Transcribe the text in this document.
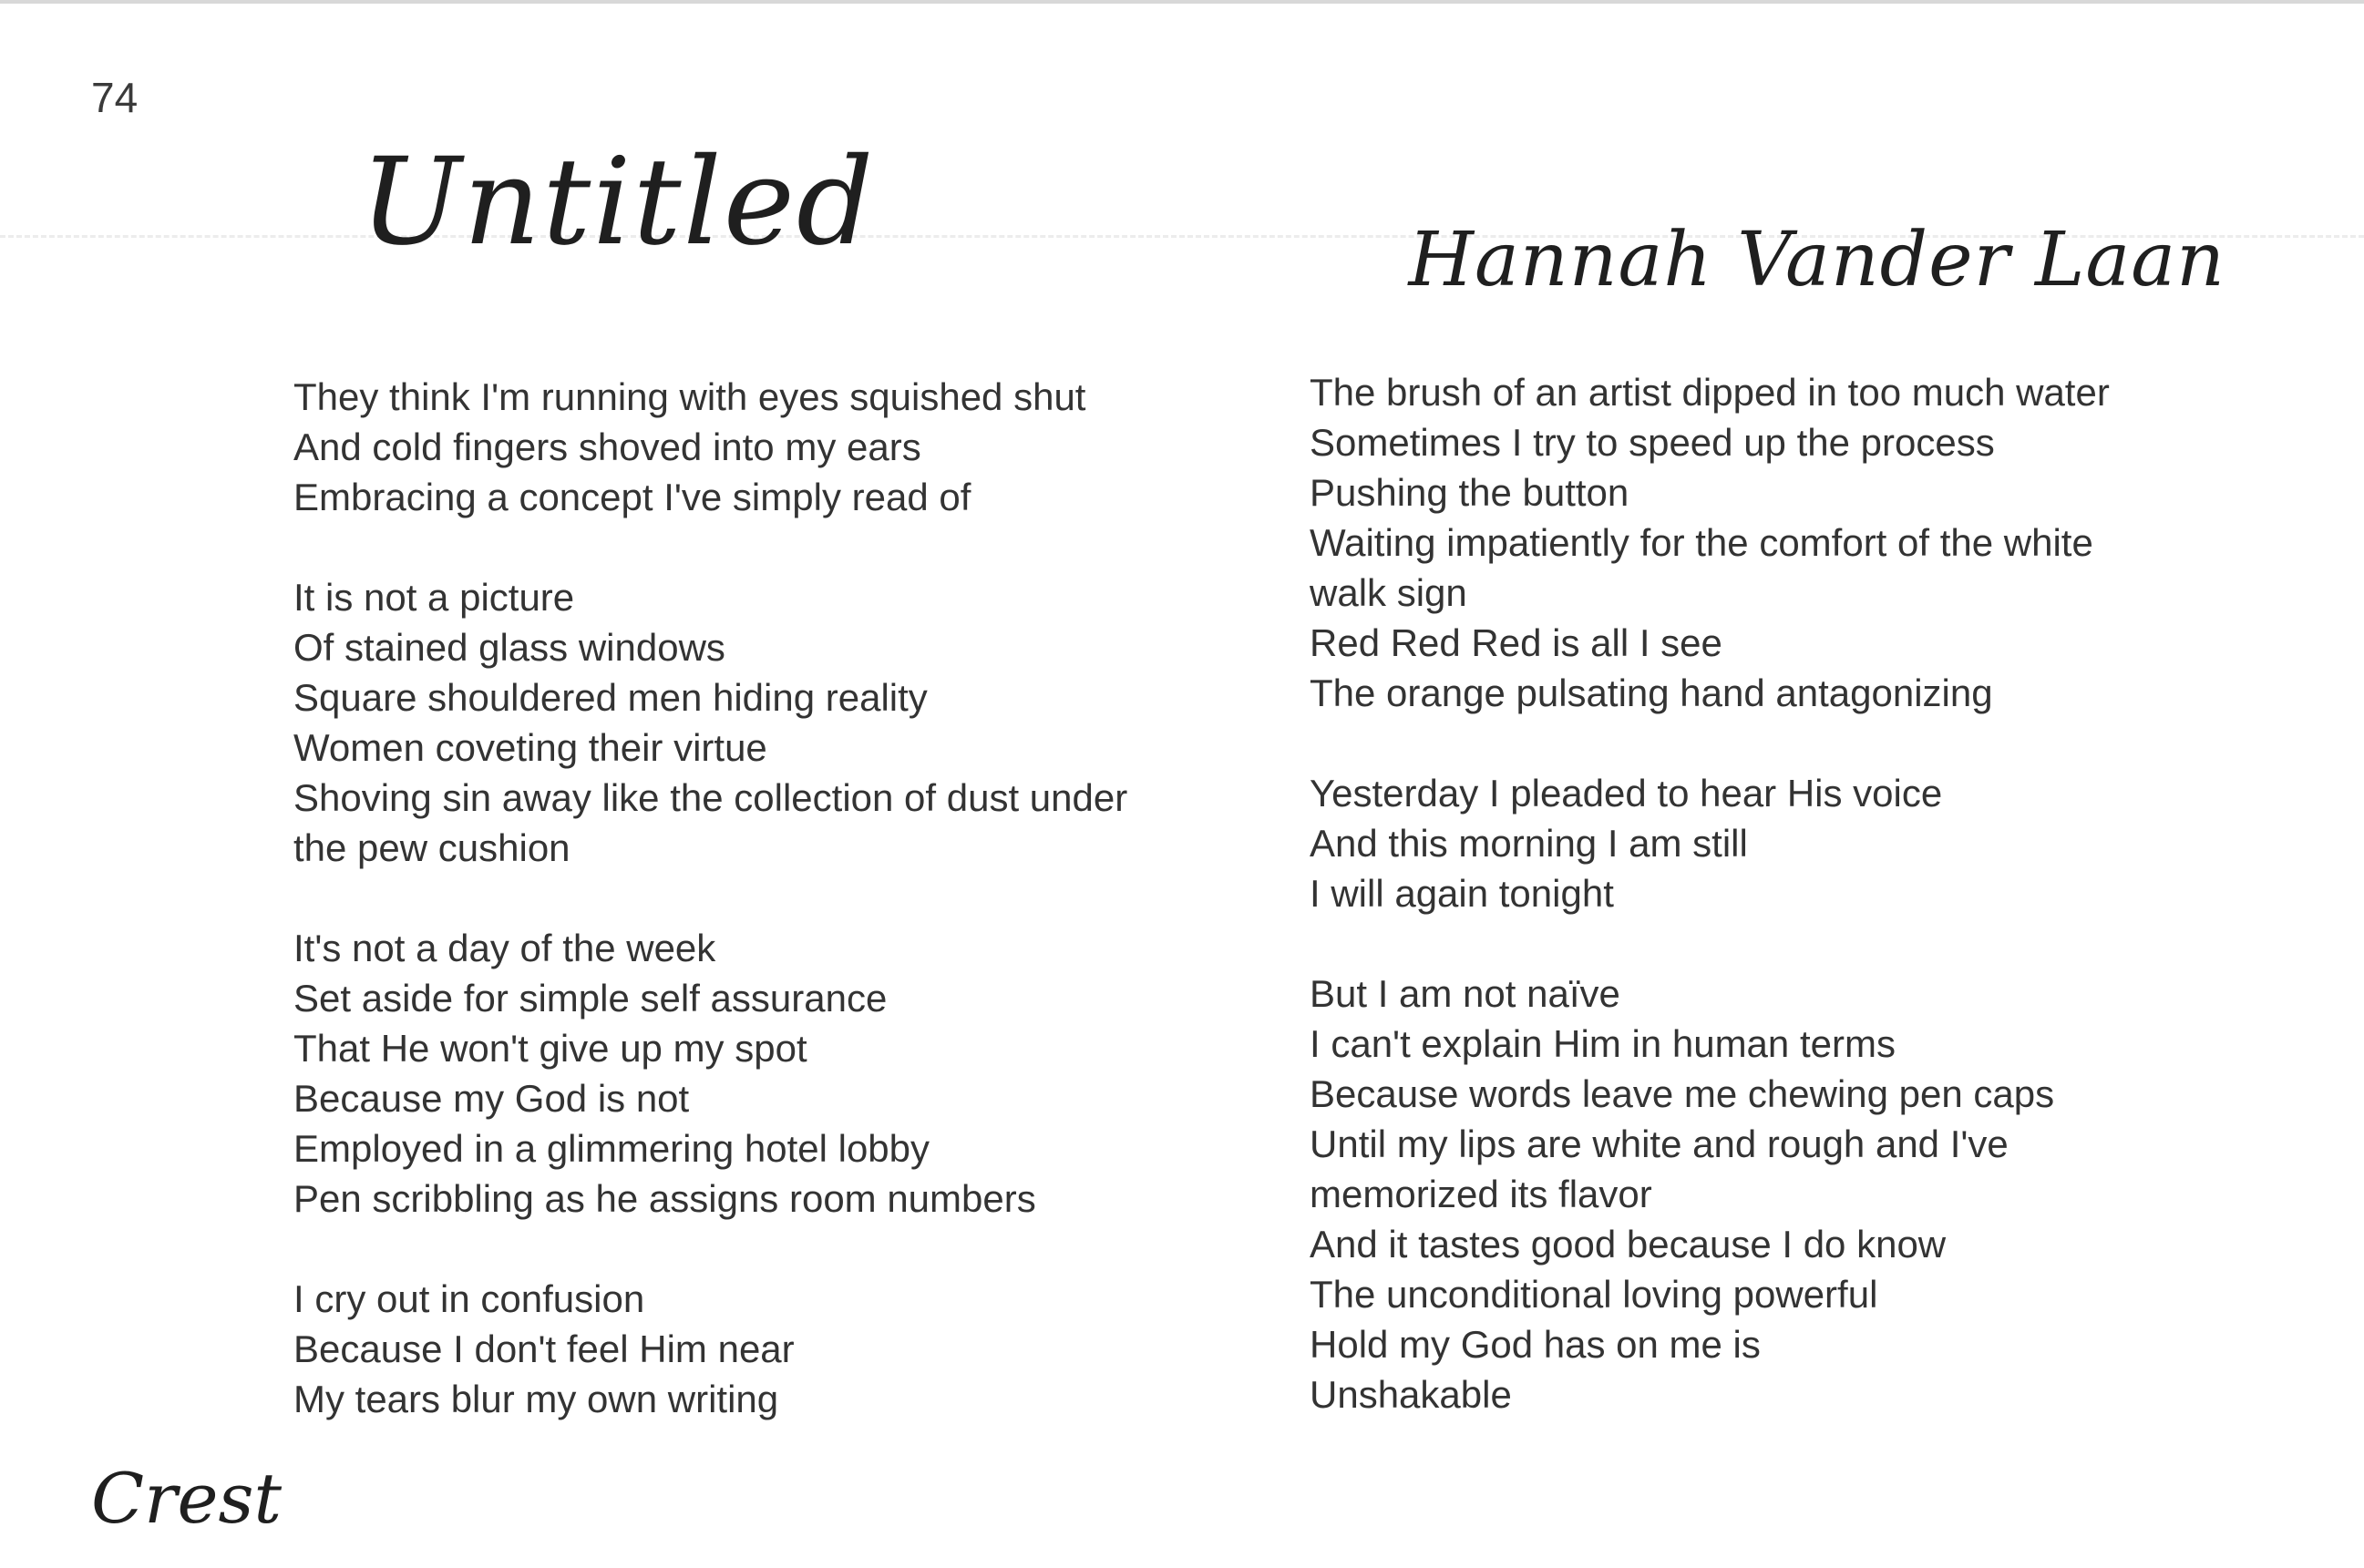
74
Untitled	Hannah Vander Laan
They think I'm running with eyes squished shut
And cold fingers shoved into my ears
Embracing a concept I've simply read of
It is not a picture
Of stained glass windows
Square shouldered men hiding reality
Women coveting their virtue
Shoving sin away like the collection of dust under
the pew cushion
It's not a day of the week
Set aside for simple self assurance
That He won't give up my spot
Because my God is not
Employed in a glimmering hotel lobby
Pen scribbling as he assigns room numbers
I cry out in confusion
Because I don't feel Him near
My tears blur my own writing
The brush of an artist dipped in too much water
Sometimes I try to speed up the process
Pushing the button
Waiting impatiently for the comfort of the white
walk sign
Red Red Red is all I see
The orange pulsating hand antagonizing
Yesterday I pleaded to hear His voice
And this morning I am still
I will again tonight
But I am not naïve
I can't explain Him in human terms
Because words leave me chewing pen caps
Until my lips are white and rough and I've
memorized its flavor
And it tastes good because I do know
The unconditional loving powerful
Hold my God has on me is
Unshakable
Crest
